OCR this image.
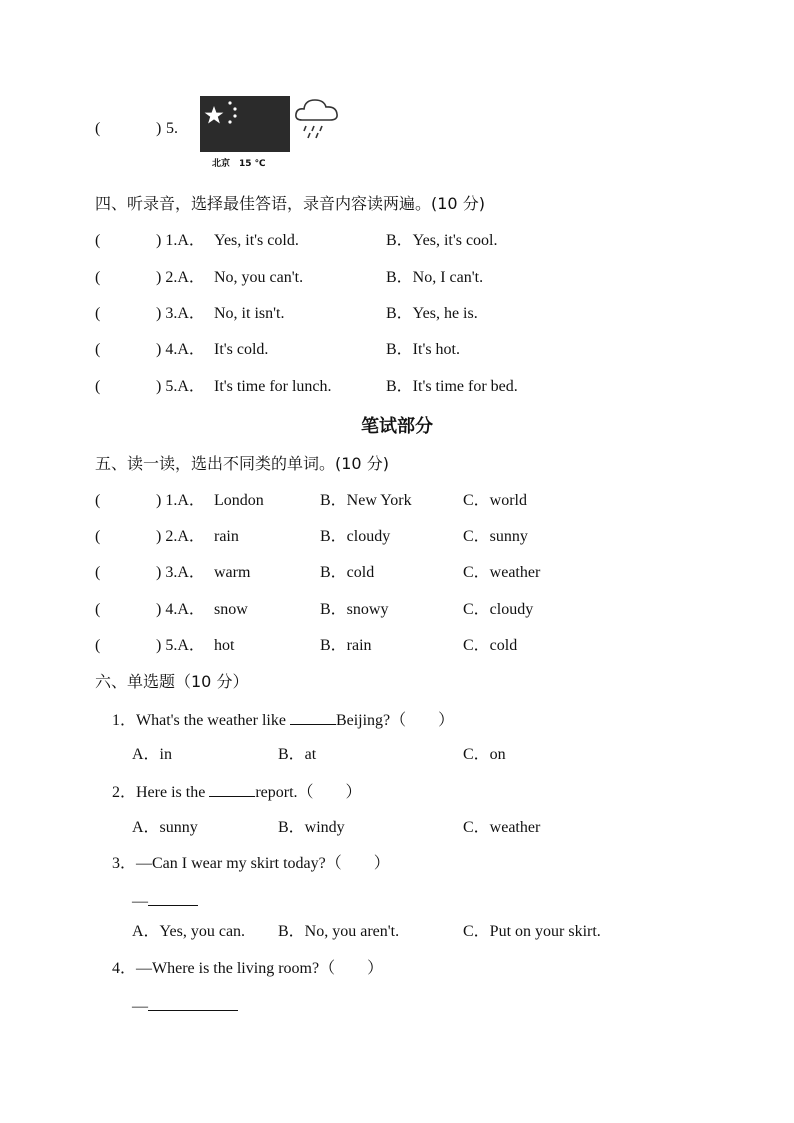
(	) 5.
北京　15 ℃
四、听录音，选择最佳答语，录音内容读两遍。(10 分)
(	) 1.A． Yes, it's cold.	B．Yes, it's cool.
(	) 2.A． No, you can't.	B．No, I can't.
(	) 3.A． No, it isn't.	B．Yes, he is.
(	) 4.A． It's cold.	B．It's hot.
(	) 5.A． It's time for lunch.	B．It's time for bed.
笔试部分
五、读一读，选出不同类的单词。(10 分)
(	) 1.A． London	B．New York	C．world
(	) 2.A． rain	B．cloudy	C．sunny
(	) 3.A． warm	B．cold	C．weather
(	) 4.A． snow	B．snowy	C．cloudy
(	) 5.A． hot	B．rain	C．cold
六、单选题（10 分）
1．What's the weather like	Beijing?（　　）
A．in	B．at	C．on
2．Here is the	report.（　　）
A．sunny	B．windy	C．weather
3．—Can I wear my skirt today?（　　）
—
A．Yes, you can. B．No, you aren't.	C．Put on your skirt.
4．—Where is the living room?（　　）
—
